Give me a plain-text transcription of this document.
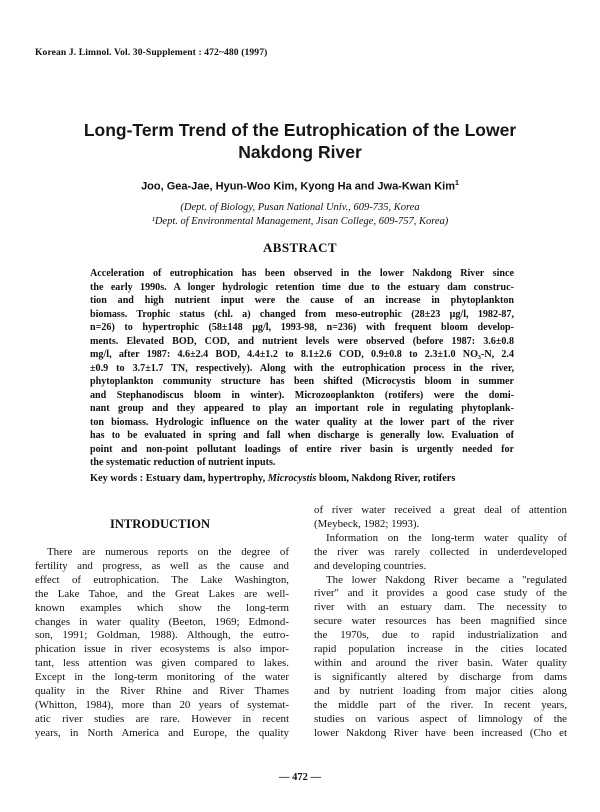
Korean J. Limnol. Vol. 30-Supplement : 472~480 (1997)
Long-Term Trend of the Eutrophication of the Lower
Nakdong River
Joo, Gea-Jae, Hyun-Woo Kim, Kyong Ha and Jwa-Kwan Kim$^1$
(Dept. of Biology, Pusan National Univ., 609-735, Korea
¹Dept. of Environmental Management, Jisan College, 609-757, Korea)
ABSTRACT
Acceleration of eutrophication has been observed in the lower Nakdong River since
the early 1990s. A longer hydrologic retention time due to the estuary dam construc-
tion and high nutrient input were the cause of an increase in phytoplankton
biomass. Trophic status (chl. a) changed from meso-eutrophic (28±23 μg/l, 1982-87,
n=26) to hypertrophic (58±148 μg/l, 1993-98, n=236) with frequent bloom develop-
ments. Elevated BOD, COD, and nutrient levels were observed (before 1987: 3.6±0.8
mg/l, after 1987: 4.6±2.4 BOD, 4.4±1.2 to 8.1±2.6 COD, 0.9±0.8 to 2.3±1.0 NO₃-N, 2.4
±0.9 to 3.7±1.7 TN, respectively). Along with the eutrophication process in the river,
phytoplankton community structure has been shifted (Microcystis bloom in summer
and Stephanodiscus bloom in winter). Microzooplankton (rotifers) were the domi-
nant group and they appeared to play an important role in regulating phytoplank-
ton biomass. Hydrologic influence on the water quality at the lower part of the river
has to be evaluated in spring and fall when discharge is generally low. Evaluation of
point and non-point pollutant loadings of entire river basin is urgently needed for
the systematic reduction of nutrient inputs.
Key words : Estuary dam, hypertrophy, Microcystis bloom, Nakdong River, rotifers
INTRODUCTION
There are numerous reports on the degree of
fertility and progress, as well as the cause and
effect of eutrophication. The Lake Washington,
the Lake Tahoe, and the Great Lakes are well-
known examples which show the long-term
changes in water quality (Beeton, 1969; Edmond-
son, 1991; Goldman, 1988). Although, the eutro-
phication issue in river ecosystems is also impor-
tant, less attention was given compared to lakes.
Except in the long-term monitoring of the water
quality in the River Rhine and River Thames
(Whitton, 1984), more than 20 years of systemat-
atic river studies are rare. However in recent
years, in North America and Europe, the quality
of river water received a great deal of attention
(Meybeck, 1982; 1993).
Information on the long-term water quality of
the river was rarely collected in underdeveloped
and developing countries.
The lower Nakdong River became a "regulated
river" and it provides a good case study of the
river with an estuary dam. The necessity to
secure water resources has been magnified since
the 1970s, due to rapid industrialization and
rapid population increase in the cities located
within and around the river basin. Water quality
is significantly altered by discharge from dams
and by nutrient loading from major cities along
the middle part of the river. In recent years,
studies on various aspect of limnology of the
lower Nakdong River have been increased (Cho et
— 472 —
